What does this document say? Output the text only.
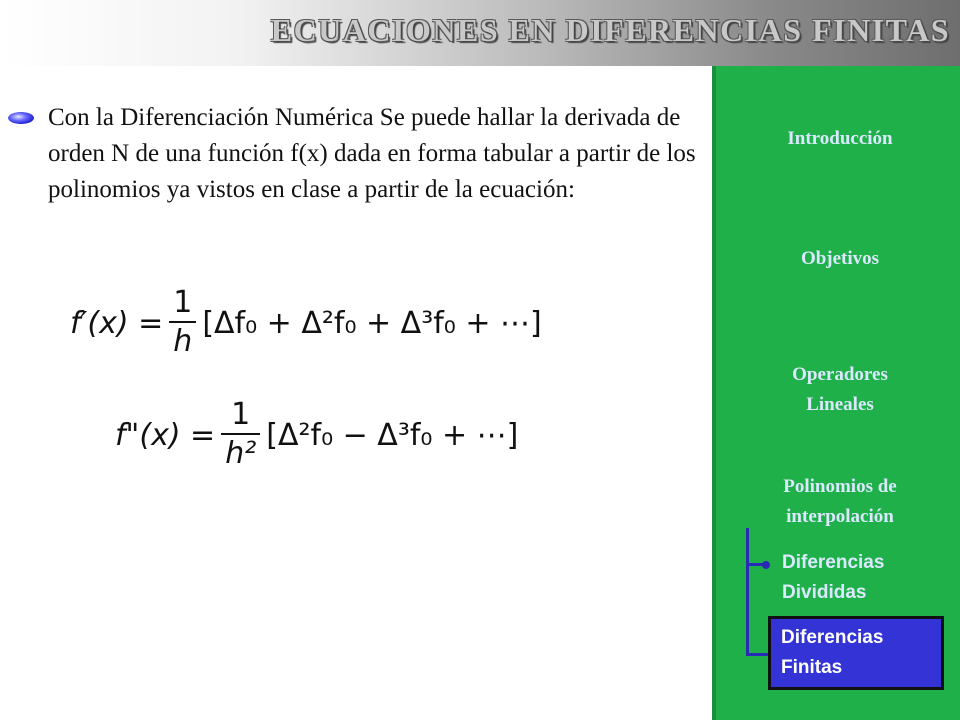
ECUACIONES EN DIFERENCIAS FINITAS

Con la Diferenciación Numérica Se puede hallar la derivada de orden N de una función f(x) dada en forma tabular a partir de los polinomios ya vistos en clase a partir de la ecuación:

$f'(x) = \frac{1}{h} [\Delta f_0 + \Delta^2f_0 + \Delta^3f_0$ + ⋯]
f"(x) = $\frac{1}{\text{h²}} [\Delta^2f_0 - \Delta^3f_0$ + ⋯]
Introducción
Objetivos
Operadores
Lineales
Polinomios de
interpolación
Diferencias
Divididas
Diferencias
Finitas
